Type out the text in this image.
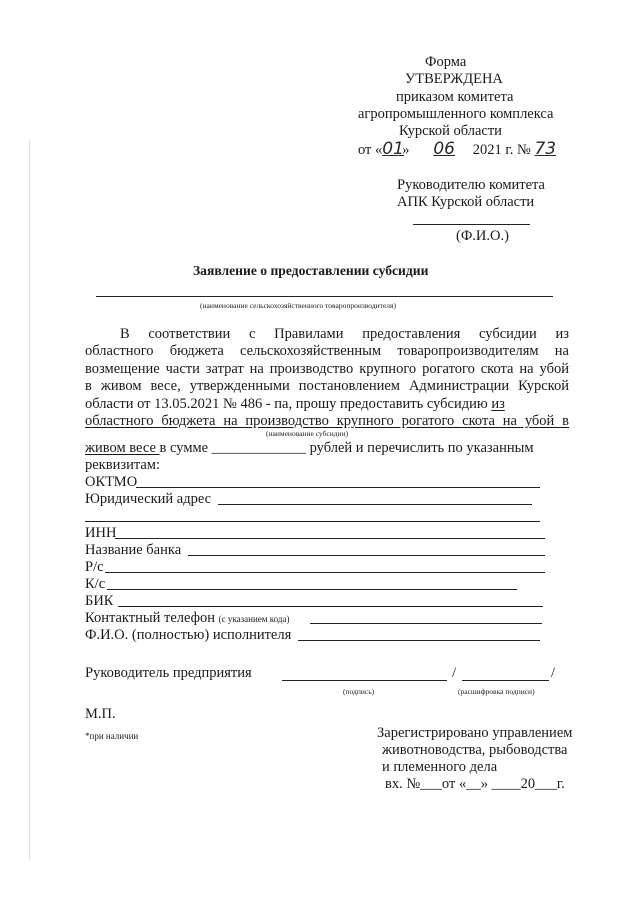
Форма
УТВЕРЖДЕНА
приказом комитета
агропромышленного комплекса
Курской области
от «01» 06 2021 г. № 73
Руководителю комитета
АПК Курской области
(Ф.И.О.)
Заявление о предоставлении субсидии
(наименование сельскохозяйственного товаропроизводителя)
В соответствии с Правилами предоставления субсидии из
областного бюджета сельскохозяйственным товаропроизводителям на
возмещение части затрат на производство крупного рогатого скота на убой
в живом весе, утвержденными постановлением Администрации Курской
области от 13.05.2021 № 486 - па, прошу предоставить субсидию из
областного бюджета на производство крупного рогатого скота на убой в
(наименование субсидии)
живом весе в сумме _____________ рублей и перечислить по указанным
реквизитам:
ОКТМО
Юридический адрес
ИНН
Название банка
Р/с
К/с
БИК
Контактный телефон (с указанием кода)
Ф.И.О. (полностью) исполнителя
Руководитель предприятия	/	/
(подпись)	(расшифровка подписи)
М.П.
*при наличии	Зарегистрировано управлением
животноводства, рыбоводства
и племенного дела
вх. №___от «__» ____20___г.
